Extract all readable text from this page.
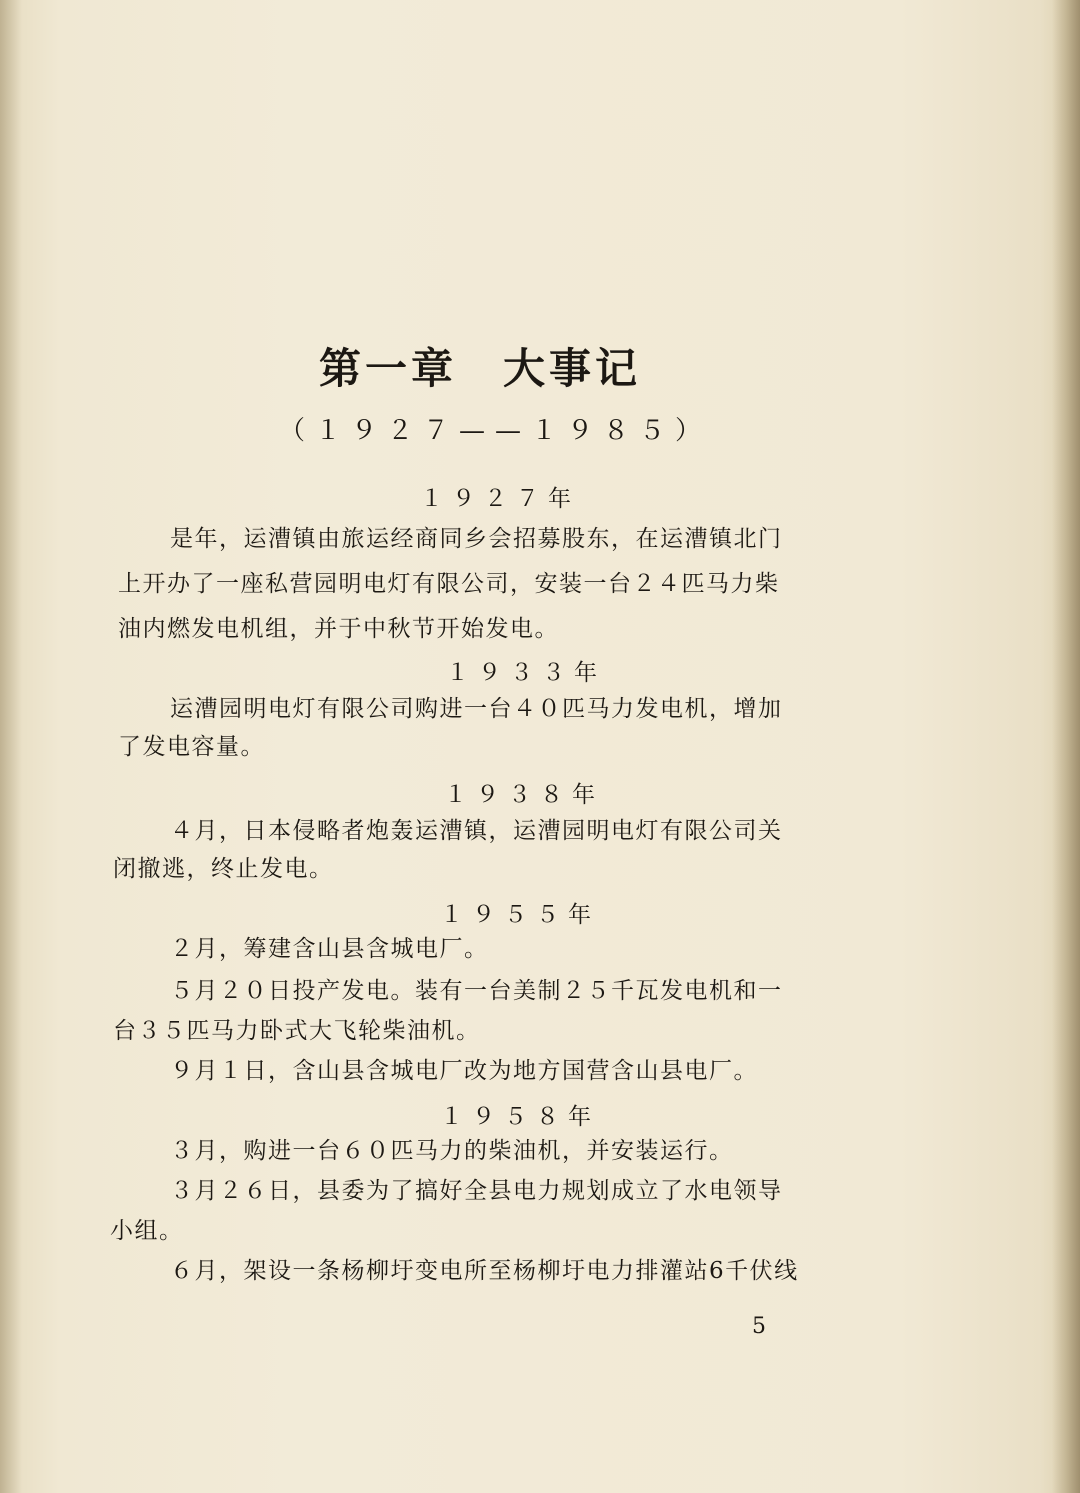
第一章　大事记
（１９２７——１９８５）
１９２７年
是年，运漕镇由旅运经商同乡会招募股东，在运漕镇北门
上开办了一座私营园明电灯有限公司，安装一台２４匹马力柴
油内燃发电机组，并于中秋节开始发电。
１９３３年
运漕园明电灯有限公司购进一台４０匹马力发电机，增加
了发电容量。
１９３８年
４月，日本侵略者炮轰运漕镇，运漕园明电灯有限公司关
闭撤逃，终止发电。
１９５５年
２月，筹建含山县含城电厂。
５月２０日投产发电。装有一台美制２５千瓦发电机和一
台３５匹马力卧式大飞轮柴油机。
９月１日，含山县含城电厂改为地方国营含山县电厂。
１９５８年
３月，购进一台６０匹马力的柴油机，并安装运行。
３月２６日，县委为了搞好全县电力规划成立了水电领导
小组。
６月，架设一条杨柳圩变电所至杨柳圩电力排灌站6千伏线
5
